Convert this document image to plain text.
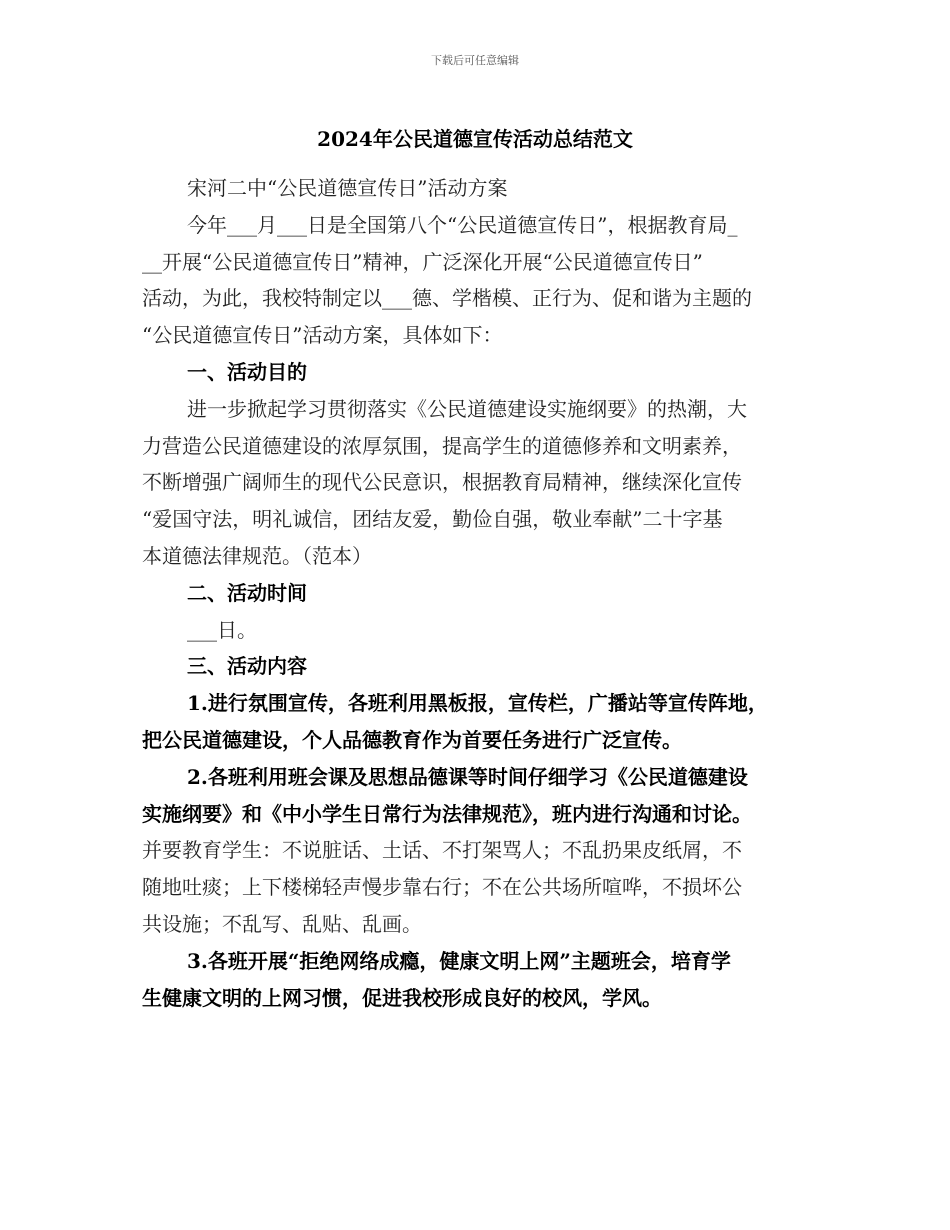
下载后可任意编辑
2024年公民道德宣传活动总结范文
宋河二中“公民道德宣传日”活动方案
今年___月___日是全国第八个“公民道德宣传日”，根据教育局_
__开展“公民道德宣传日”精神，广泛深化开展“公民道德宣传日”
活动，为此，我校特制定以___德、学楷模、正行为、促和谐为主题的
“公民道德宣传日”活动方案，具体如下：
一、活动目的
进一步掀起学习贯彻落实《公民道德建设实施纲要》的热潮，大
力营造公民道德建设的浓厚氛围，提高学生的道德修养和文明素养，
不断增强广阔师生的现代公民意识，根据教育局精神，继续深化宣传
“爱国守法，明礼诚信，团结友爱，勤俭自强，敬业奉献”二十字基
本道德法律规范。（范本）
二、活动时间
___日。
三、活动内容
1.进行氛围宣传，各班利用黑板报，宣传栏，广播站等宣传阵地，
把公民道德建设，个人品德教育作为首要任务进行广泛宣传。
2.各班利用班会课及思想品德课等时间仔细学习《公民道德建设
实施纲要》和《中小学生日常行为法律规范》，班内进行沟通和讨论。
并要教育学生：不说脏话、土话、不打架骂人；不乱扔果皮纸屑，不
随地吐痰；上下楼梯轻声慢步靠右行；不在公共场所喧哗，不损坏公
共设施；不乱写、乱贴、乱画。
3.各班开展“拒绝网络成瘾，健康文明上网”主题班会，培育学
生健康文明的上网习惯，促进我校形成良好的校风，学风。
